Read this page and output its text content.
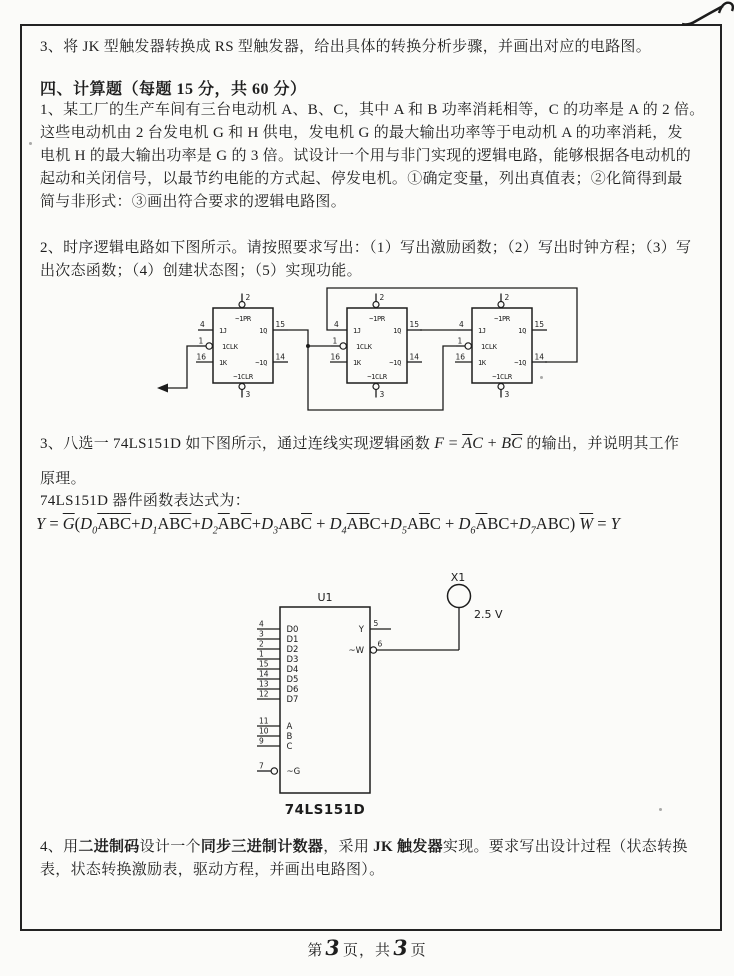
3、将 JK 型触发器转换成 RS 型触发器，给出具体的转换分析步骤，并画出对应的电路图。
四、计算题（每题 15 分，共 60 分）
1、某工厂的生产车间有三台电动机 A、B、C，其中 A 和 B 功率消耗相等，C 的功率是 A 的 2 倍。
这些电动机由 2 台发电机 G 和 H 供电，发电机 G 的最大输出功率等于电动机 A 的功率消耗，发
电机 H 的最大输出功率是 G 的 3 倍。试设计一个用与非门实现的逻辑电路，能够根据各电动机的
起动和关闭信号，以最节约电能的方式起、停发电机。①确定变量，列出真值表；②化简得到最
简与非形式：③画出符合要求的逻辑电路图。
2、时序逻辑电路如下图所示。请按照要求写出：（1）写出激励函数；（2）写出时钟方程；（3）写
出次态函数；（4）创建状态图；（5）实现功能。
2
3
4
1
16
15
14
~1PR
1J
1CLK
1K
1Q
~1Q
~1CLR
2
3
4
1
16
15
14
~1PR
1J
1CLK
1K
1Q
~1Q
~1CLR
2
3
4
1
16
15
14
~1PR
1J
1CLK
1K
1Q
~1Q
~1CLR
3、八选一 74LS151D 如下图所示，通过连线实现逻辑函数 $F = \overline{A}C + B\overline{C}$ 的输出，并说明其工作
原理。
74LS151D 器件函数表达式为：
$Y = \overline{G}(D_0\overline{A}\overline{B}\overline{C}+D_1A\overline{B}\overline{C}+D_2\overline{A}B\overline{C}+D_3AB\overline{C} + D_4\overline{A}\overline{B}C+D_5A\overline{B}C + D_6\overline{A}BC+D_7ABC) \overline{W} = Y$
U1
4
D0
3
D1
2
D2
1
D3
15
D4
14
D5
13
D6
12
D7
11
A
10
B
9
C
7
~G
5
Y
~W
6
X1
2.5 V
74LS151D
4、用二进制码设计一个同步三进制计数器，采用 JK 触发器实现。要求写出设计过程（状态转换
表，状态转换激励表，驱动方程，并画出电路图）。
第3页，共3页
